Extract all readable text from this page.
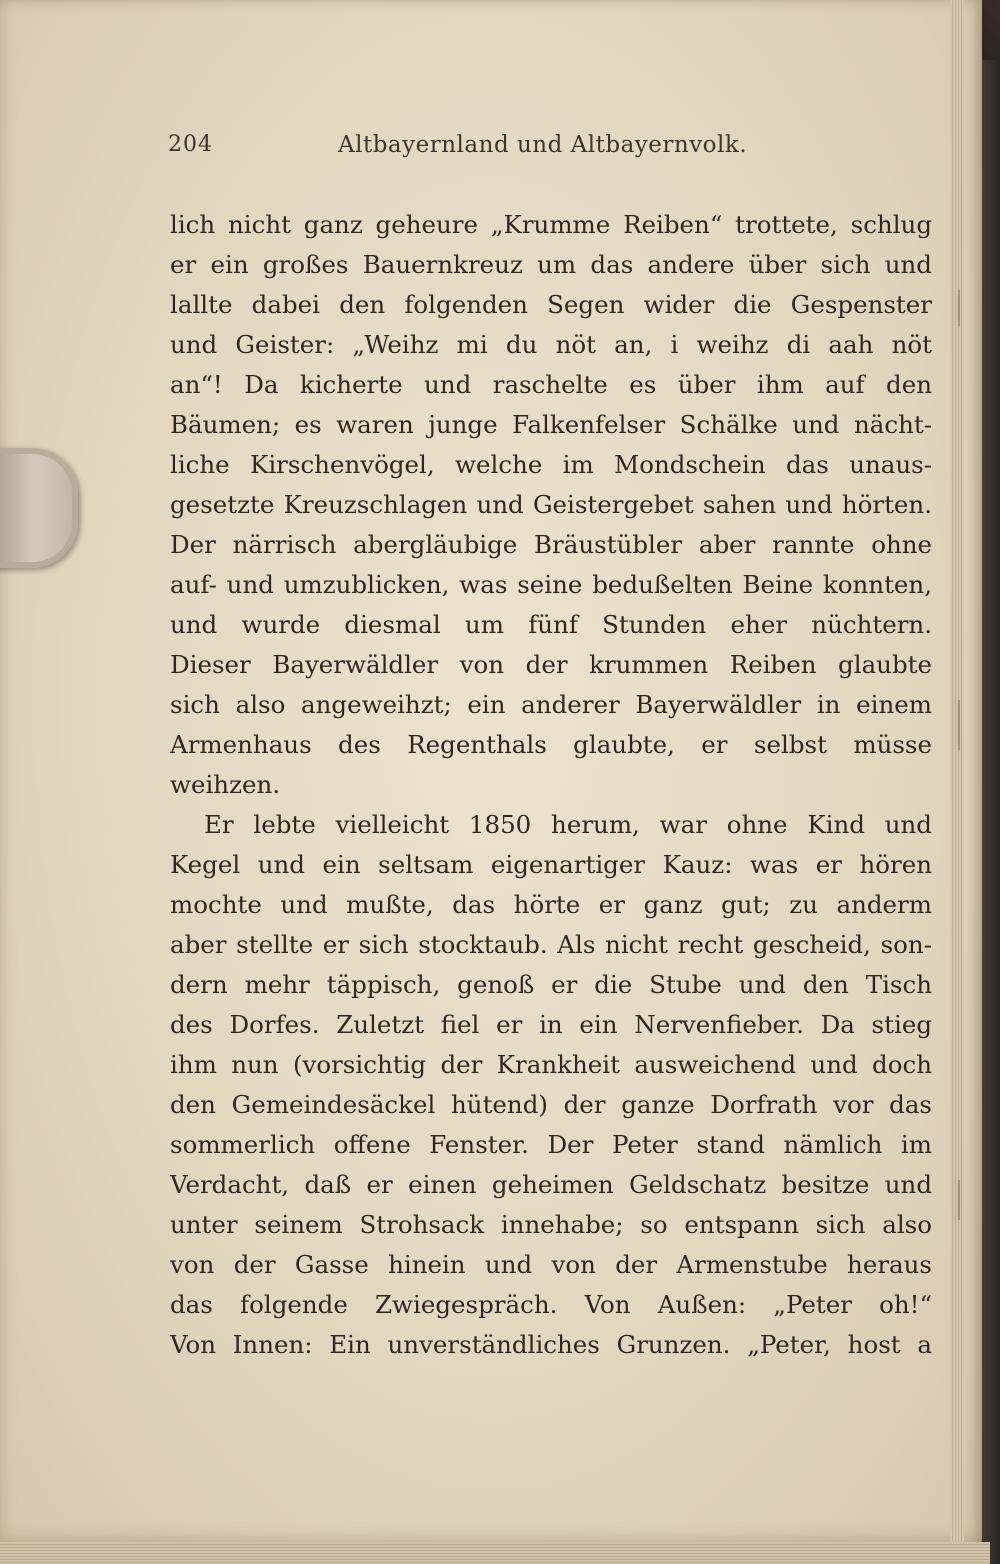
204	Altbayernland und Altbayernvolk.
lich nicht ganz geheure „Krumme Reiben“ trottete, schlug
er ein großes Bauernkreuz um das andere über sich und
lallte dabei den folgenden Segen wider die Gespenster
und Geister: „Weihz mi du nöt an, i weihz di aah nöt
an“! Da kicherte und raschelte es über ihm auf den
Bäumen; es waren junge Falkenfelser Schälke und nächt-
liche Kirschenvögel, welche im Mondschein das unaus-
gesetzte Kreuzschlagen und Geistergebet sahen und hörten.
Der närrisch abergläubige Bräustübler aber rannte ohne
auf- und umzublicken, was seine bedußelten Beine konnten,
und wurde diesmal um fünf Stunden eher nüchtern.
Dieser Bayerwäldler von der krummen Reiben glaubte
sich also angeweihzt; ein anderer Bayerwäldler in einem
Armenhaus des Regenthals glaubte, er selbst müsse
weihzen.
Er lebte vielleicht 1850 herum, war ohne Kind und
Kegel und ein seltsam eigenartiger Kauz: was er hören
mochte und mußte, das hörte er ganz gut; zu anderm
aber stellte er sich stocktaub. Als nicht recht gescheid, son-
dern mehr täppisch, genoß er die Stube und den Tisch
des Dorfes. Zuletzt fiel er in ein Nervenfieber. Da stieg
ihm nun (vorsichtig der Krankheit ausweichend und doch
den Gemeindesäckel hütend) der ganze Dorfrath vor das
sommerlich offene Fenster. Der Peter stand nämlich im
Verdacht, daß er einen geheimen Geldschatz besitze und
unter seinem Strohsack innehabe; so entspann sich also
von der Gasse hinein und von der Armenstube heraus
das folgende Zwiegespräch. Von Außen: „Peter oh!“
Von Innen: Ein unverständliches Grunzen. „Peter, host a
